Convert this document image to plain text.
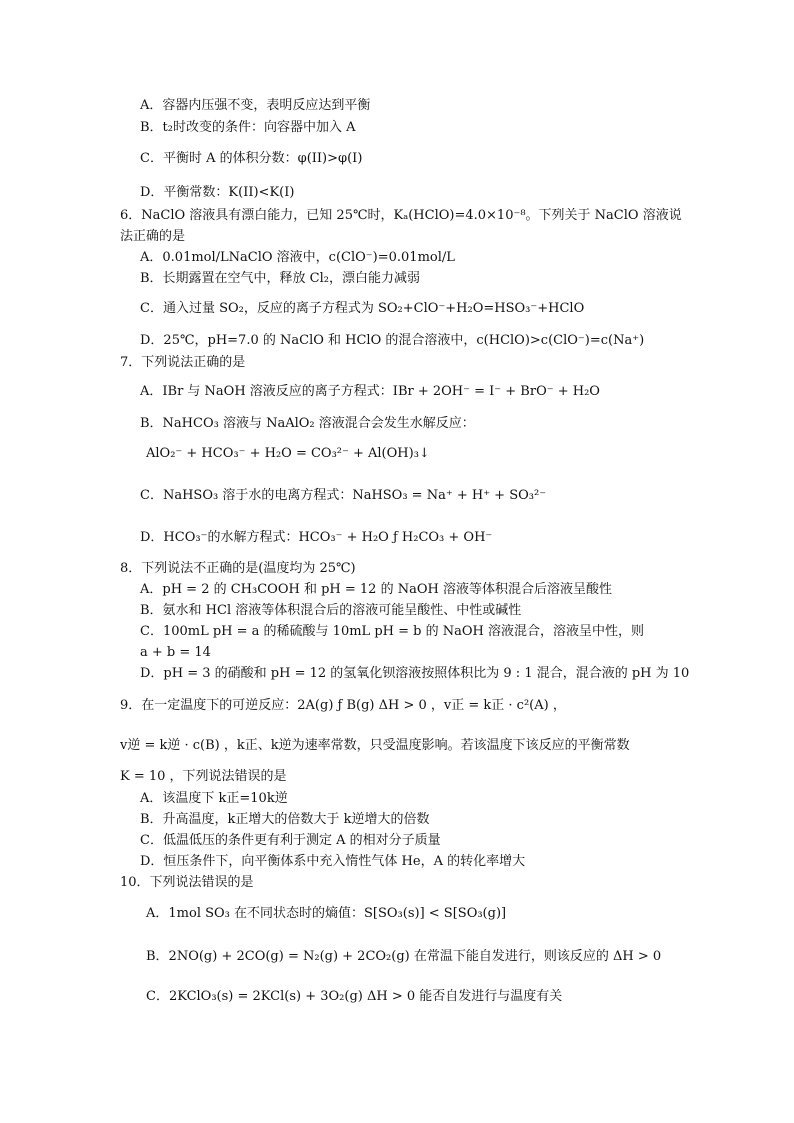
A．容器内压强不变，表明反应达到平衡
B．t₂时改变的条件：向容器中加入 A
C．平衡时 A 的体积分数：φ(II)>φ(I)
D．平衡常数：K(II)<K(I)
6．NaClO 溶液具有漂白能力，已知 25℃时，Kₐ(HClO)=4.0×10⁻⁸。下列关于 NaClO 溶液说
法正确的是
A．0.01mol/LNaClO 溶液中，c(ClO⁻)=0.01mol/L
B．长期露置在空气中，释放 Cl₂，漂白能力减弱
C．通入过量 SO₂，反应的离子方程式为 SO₂+ClO⁻+H₂O=HSO₃⁻+HClO
D．25℃，pH=7.0 的 NaClO 和 HClO 的混合溶液中，c(HClO)>c(ClO⁻)=c(Na⁺)
7．下列说法正确的是
A．IBr 与 NaOH 溶液反应的离子方程式：IBr + 2OH⁻ = I⁻ + BrO⁻ + H₂O
B．NaHCO₃ 溶液与 NaAlO₂ 溶液混合会发生水解反应：
AlO₂⁻ + HCO₃⁻ + H₂O = CO₃²⁻ + Al(OH)₃↓
C．NaHSO₃ 溶于水的电离方程式：NaHSO₃ = Na⁺ + H⁺ + SO₃²⁻
D．HCO₃⁻的水解方程式：HCO₃⁻ + H₂O ƒ H₂CO₃ + OH⁻
8．下列说法不正确的是(温度均为 25℃)
A．pH = 2 的 CH₃COOH 和 pH = 12 的 NaOH 溶液等体积混合后溶液呈酸性
B．氨水和 HCl 溶液等体积混合后的溶液可能呈酸性、中性或碱性
C．100mL pH = a 的稀硫酸与 10mL pH = b 的 NaOH 溶液混合，溶液呈中性，则
a + b = 14
D．pH = 3 的硝酸和 pH = 12 的氢氧化钡溶液按照体积比为 9 : 1 混合，混合液的 pH 为 10
9．在一定温度下的可逆反应：2A(g) ƒ B(g) ΔH > 0 ，v正 = k正 · c²(A) ，
v逆 = k逆 · c(B) ，k正、k逆为速率常数，只受温度影响。若该温度下该反应的平衡常数
K = 10 ，下列说法错误的是
A．该温度下 k正=10k逆
B．升高温度，k正增大的倍数大于 k逆增大的倍数
C．低温低压的条件更有利于测定 A 的相对分子质量
D．恒压条件下，向平衡体系中充入惰性气体 He，A 的转化率增大
10．下列说法错误的是
A．1mol SO₃ 在不同状态时的熵值：S[SO₃(s)] < S[SO₃(g)]
B．2NO(g) + 2CO(g) = N₂(g) + 2CO₂(g) 在常温下能自发进行，则该反应的 ΔH > 0
C．2KClO₃(s) = 2KCl(s) + 3O₂(g) ΔH > 0 能否自发进行与温度有关
